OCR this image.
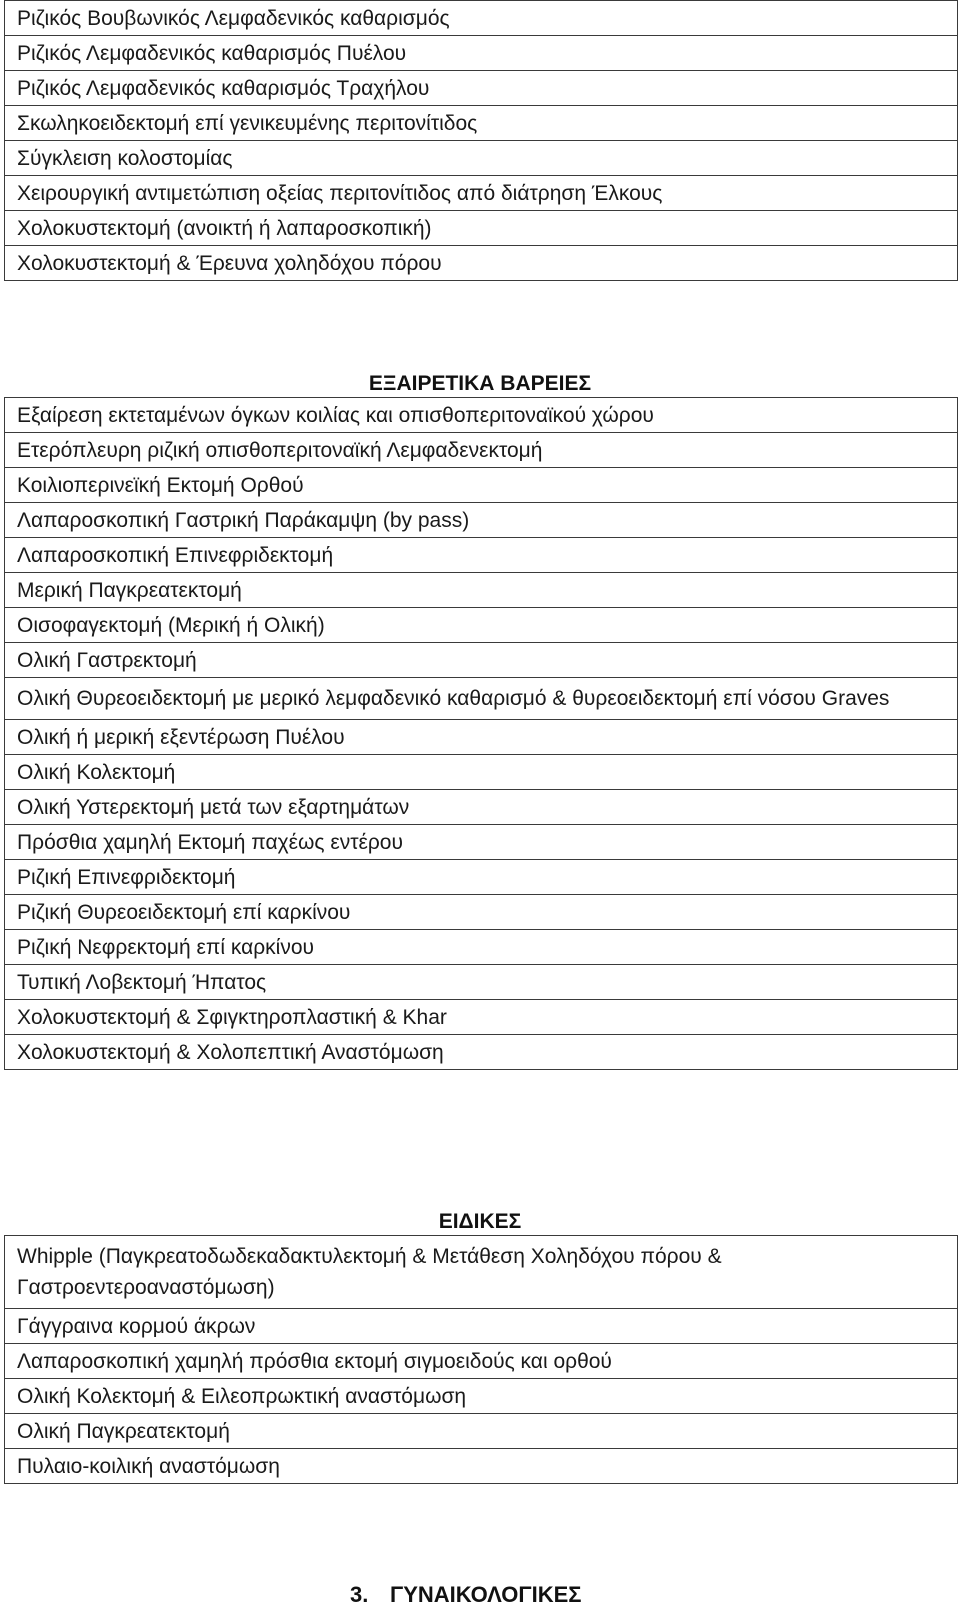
Ριζικός Βουβωνικός Λεμφαδενικός καθαρισμός
Ριζικός Λεμφαδενικός καθαρισμός Πυέλου
Ριζικός Λεμφαδενικός καθαρισμός Τραχήλου
Σκωληκοειδεκτομή επί γενικευμένης περιτονίτιδος
Σύγκλειση κολοστομίας
Χειρουργική αντιμετώπιση οξείας περιτονίτιδος από διάτρηση Έλκους
Χολοκυστεκτομή (ανοικτή ή λαπαροσκοπική)
Χολοκυστεκτομή & Έρευνα χοληδόχου πόρου
ΕΞΑΙΡΕΤΙΚΑ ΒΑΡΕΙΕΣ
Εξαίρεση εκτεταμένων όγκων κοιλίας και οπισθοπεριτοναϊκού χώρου
Ετερόπλευρη ριζική οπισθοπεριτοναϊκή Λεμφαδενεκτομή
Κοιλιοπερινεϊκή Εκτομή Ορθού
Λαπαροσκοπική Γαστρική Παράκαμψη (by pass)
Λαπαροσκοπική Επινεφριδεκτομή
Μερική Παγκρεατεκτομή
Οισοφαγεκτομή (Μερική ή Ολική)
Ολική Γαστρεκτομή
Ολική Θυρεοειδεκτομή με μερικό λεμφαδενικό καθαρισμό & θυρεοειδεκτομή επί νόσου Graves
Ολική ή μερική εξεντέρωση Πυέλου
Ολική Κολεκτομή
Ολική Υστερεκτομή μετά των εξαρτημάτων
Πρόσθια χαμηλή Εκτομή παχέως εντέρου
Ριζική Επινεφριδεκτομή
Ριζική Θυρεοειδεκτομή επί καρκίνου
Ριζική Νεφρεκτομή επί καρκίνου
Τυπική Λοβεκτομή Ήπατος
Χολοκυστεκτομή & Σφιγκτηροπλαστική & Khar
Χολοκυστεκτομή & Χολοπεπτική Αναστόμωση
ΕΙΔΙΚΕΣ
Whipple (Παγκρεατοδωδεκαδακτυλεκτομή & Μετάθεση Χοληδόχου πόρου & Γαστροεντεροαναστόμωση)
Γάγγραινα κορμού άκρων
Λαπαροσκοπική χαμηλή πρόσθια εκτομή σιγμοειδούς και ορθού
Ολική Κολεκτομή & Ειλεοπρωκτική αναστόμωση
Ολική Παγκρεατεκτομή
Πυλαιο-κοιλική αναστόμωση
3. ΓΥΝΑΙΚΟΛΟΓΙΚΕΣ
